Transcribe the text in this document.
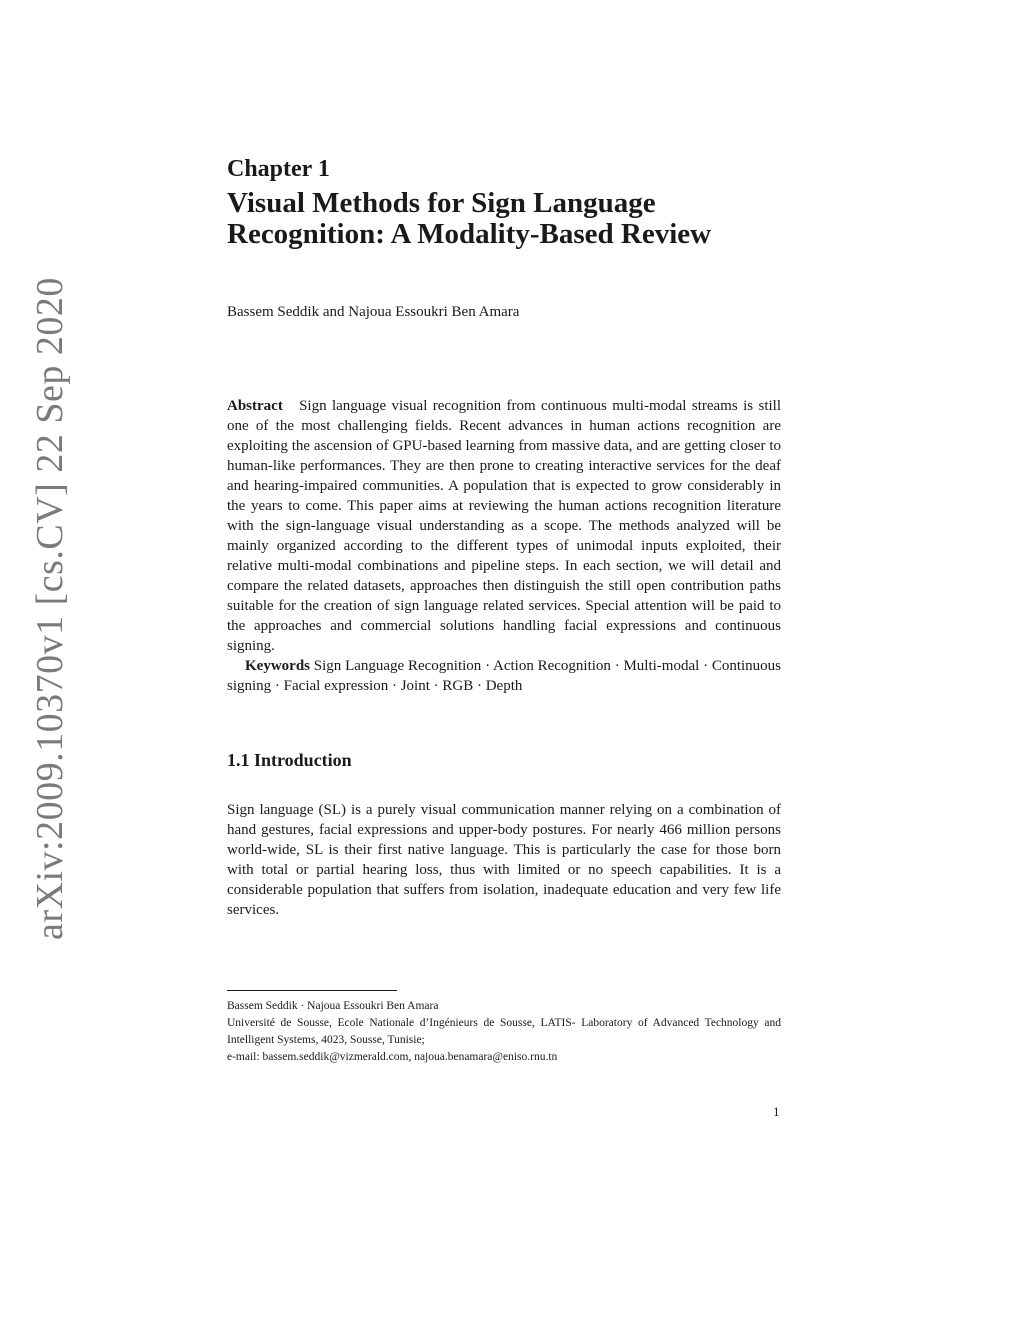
arXiv:2009.10370v1 [cs.CV] 22 Sep 2020
Chapter 1
Visual Methods for Sign Language Recognition: A Modality-Based Review
Bassem Seddik and Najoua Essoukri Ben Amara
Abstract Sign language visual recognition from continuous multi-modal streams is still one of the most challenging fields. Recent advances in human actions recognition are exploiting the ascension of GPU-based learning from massive data, and are getting closer to human-like performances. They are then prone to creating interactive services for the deaf and hearing-impaired communities. A population that is expected to grow considerably in the years to come. This paper aims at reviewing the human actions recognition literature with the sign-language visual understanding as a scope. The methods analyzed will be mainly organized according to the different types of unimodal inputs exploited, their relative multi-modal combinations and pipeline steps. In each section, we will detail and compare the related datasets, approaches then distinguish the still open contribution paths suitable for the creation of sign language related services. Special attention will be paid to the approaches and commercial solutions handling facial expressions and continuous signing.
Keywords Sign Language Recognition · Action Recognition · Multi-modal · Continuous signing · Facial expression · Joint · RGB · Depth
1.1 Introduction
Sign language (SL) is a purely visual communication manner relying on a combination of hand gestures, facial expressions and upper-body postures. For nearly 466 million persons world-wide, SL is their first native language. This is particularly the case for those born with total or partial hearing loss, thus with limited or no speech capabilities. It is a considerable population that suffers from isolation, inadequate education and very few life services.
Bassem Seddik · Najoua Essoukri Ben Amara
Université de Sousse, Ecole Nationale d’Ingénieurs de Sousse, LATIS- Laboratory of Advanced Technology and Intelligent Systems, 4023, Sousse, Tunisie;
e-mail: bassem.seddik@vizmerald.com, najoua.benamara@eniso.rnu.tn
1
